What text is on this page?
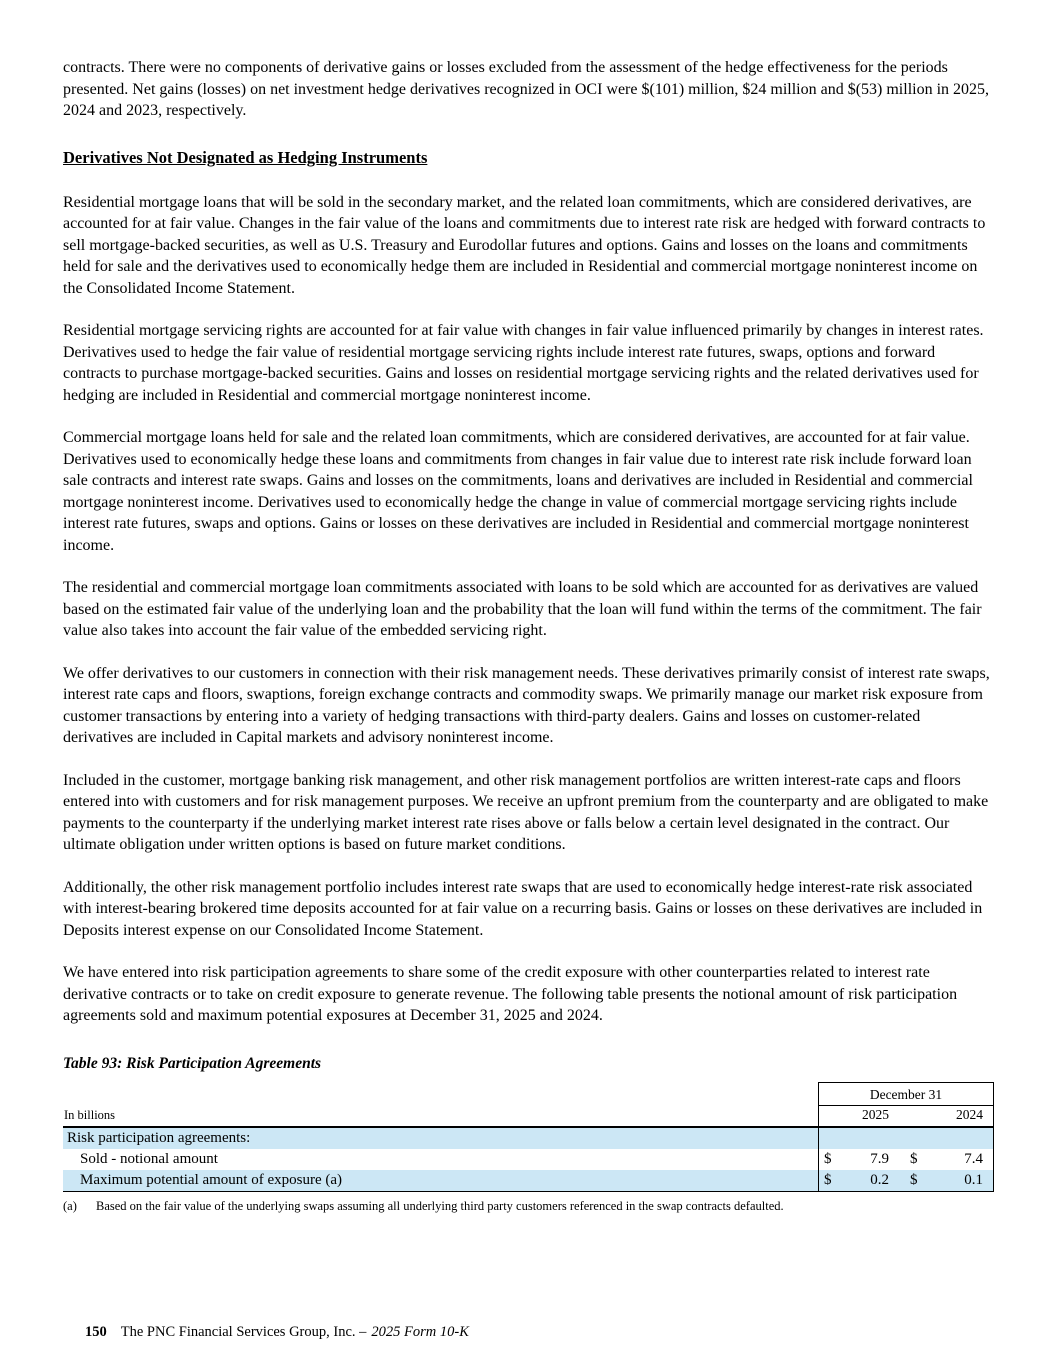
contracts. There were no components of derivative gains or losses excluded from the assessment of the hedge effectiveness for the periods presented. Net gains (losses) on net investment hedge derivatives recognized in OCI were $(101) million, $24 million and $(53) million in 2025, 2024 and 2023, respectively.

Derivatives Not Designated as Hedging Instruments

Residential mortgage loans that will be sold in the secondary market, and the related loan commitments, which are considered derivatives, are accounted for at fair value. Changes in the fair value of the loans and commitments due to interest rate risk are hedged with forward contracts to sell mortgage-backed securities, as well as U.S. Treasury and Eurodollar futures and options. Gains and losses on the loans and commitments held for sale and the derivatives used to economically hedge them are included in Residential and commercial mortgage noninterest income on the Consolidated Income Statement.

Residential mortgage servicing rights are accounted for at fair value with changes in fair value influenced primarily by changes in interest rates. Derivatives used to hedge the fair value of residential mortgage servicing rights include interest rate futures, swaps, options and forward contracts to purchase mortgage-backed securities. Gains and losses on residential mortgage servicing rights and the related derivatives used for hedging are included in Residential and commercial mortgage noninterest income.

Commercial mortgage loans held for sale and the related loan commitments, which are considered derivatives, are accounted for at fair value. Derivatives used to economically hedge these loans and commitments from changes in fair value due to interest rate risk include forward loan sale contracts and interest rate swaps. Gains and losses on the commitments, loans and derivatives are included in Residential and commercial mortgage noninterest income. Derivatives used to economically hedge the change in value of commercial mortgage servicing rights include interest rate futures, swaps and options. Gains or losses on these derivatives are included in Residential and commercial mortgage noninterest income.

The residential and commercial mortgage loan commitments associated with loans to be sold which are accounted for as derivatives are valued based on the estimated fair value of the underlying loan and the probability that the loan will fund within the terms of the commitment. The fair value also takes into account the fair value of the embedded servicing right.

We offer derivatives to our customers in connection with their risk management needs. These derivatives primarily consist of interest rate swaps, interest rate caps and floors, swaptions, foreign exchange contracts and commodity swaps. We primarily manage our market risk exposure from customer transactions by entering into a variety of hedging transactions with third-party dealers. Gains and losses on customer-related derivatives are included in Capital markets and advisory noninterest income.

Included in the customer, mortgage banking risk management, and other risk management portfolios are written interest-rate caps and floors entered into with customers and for risk management purposes. We receive an upfront premium from the counterparty and are obligated to make payments to the counterparty if the underlying market interest rate rises above or falls below a certain level designated in the contract. Our ultimate obligation under written options is based on future market conditions.

Additionally, the other risk management portfolio includes interest rate swaps that are used to economically hedge interest-rate risk associated with interest-bearing brokered time deposits accounted for at fair value on a recurring basis. Gains or losses on these derivatives are included in Deposits interest expense on our Consolidated Income Statement.

We have entered into risk participation agreements to share some of the credit exposure with other counterparties related to interest rate derivative contracts or to take on credit exposure to generate revenue. The following table presents the notional amount of risk participation agreements sold and maximum potential exposures at December 31, 2025 and 2024.

Table 93: Risk Participation Agreements
December 31
In billions	2025	2024
Risk participation agreements:
Sold - notional amount	$	7.9 $	7.4
Maximum potential amount of exposure (a)	$	0.2 $	0.1
(a)	Based on the fair value of the underlying swaps assuming all underlying third party customers referenced in the swap contracts defaulted.
150 The PNC Financial Services Group, Inc. – 2025 Form 10-K
